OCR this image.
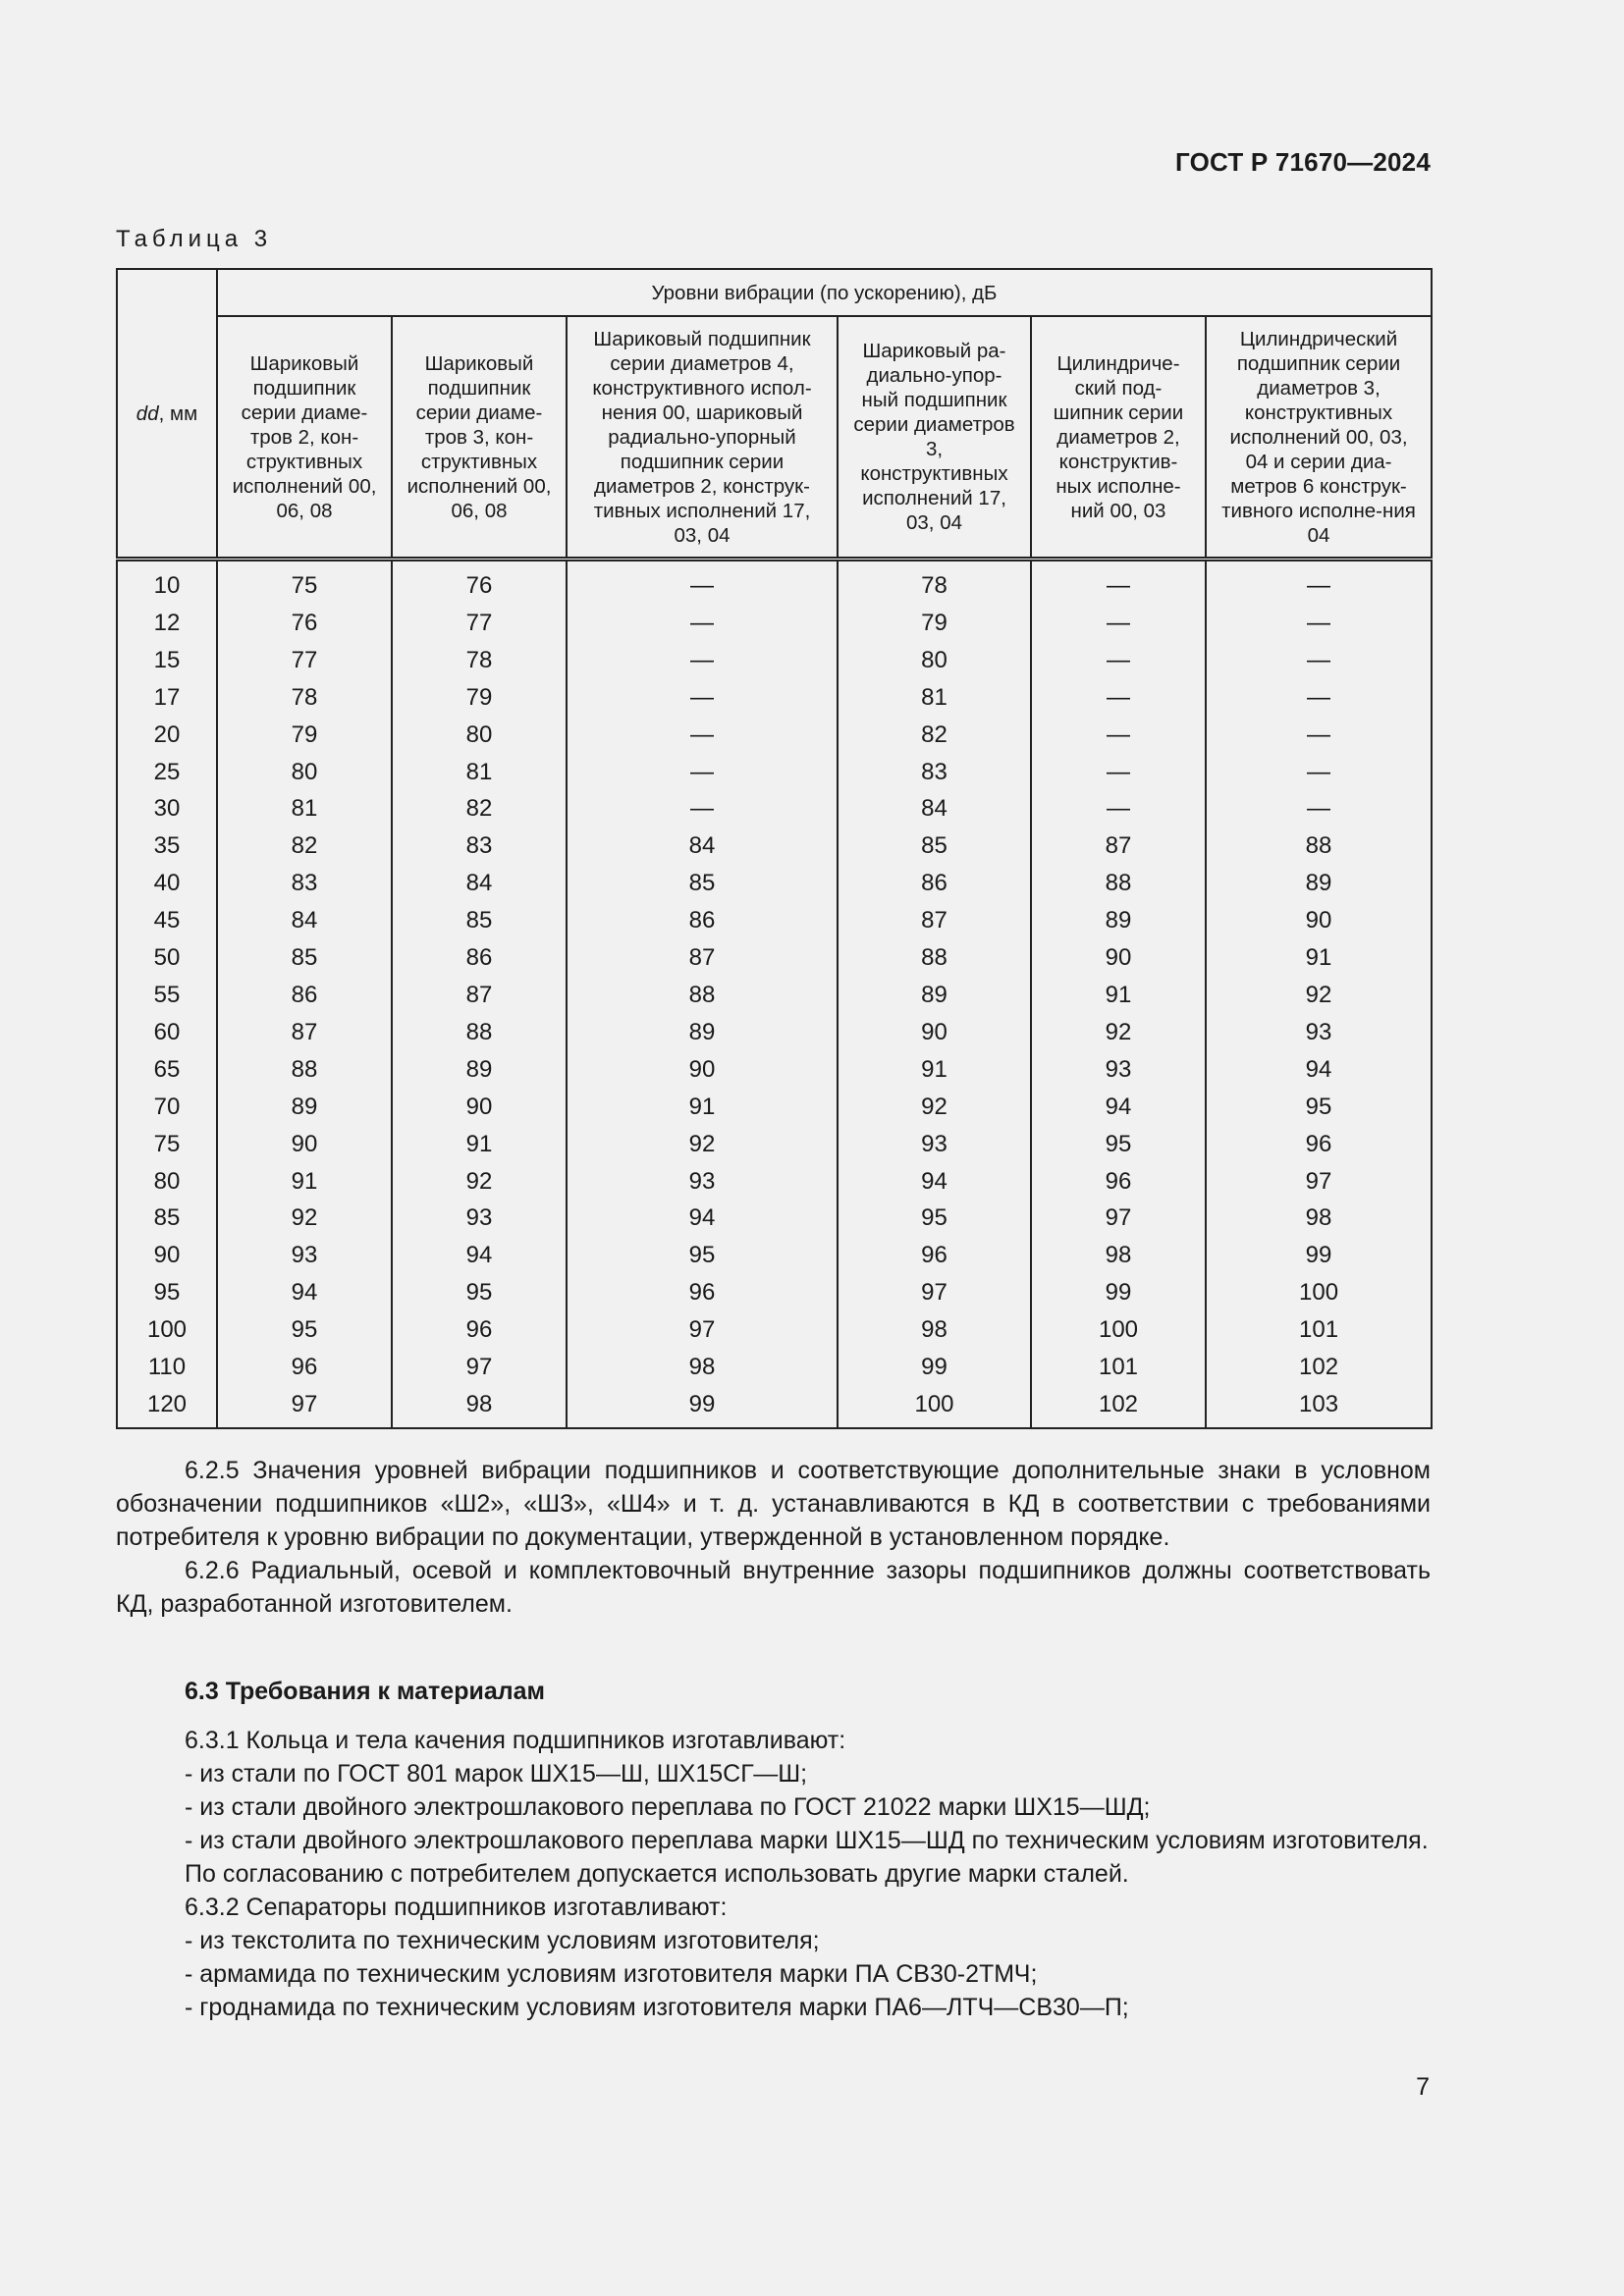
ГОСТ Р 71670—2024
Таблица 3
dd, мм	Уровни вибрации (по ускорению), дБ					
	Шариковый подшипник серии диаме-тров 2, кон-структивных исполнений 00, 06, 08	Шариковый подшипник серии диаме-тров 3, кон-структивных исполнений 00, 06, 08	Шариковый подшипник серии диаметров 4, конструктивного испол-нения 00, шариковый радиально-упорный подшипник серии диаметров 2, конструк-тивных исполнений 17, 03, 04	Шариковый ра-диально-упор-ный подшипник серии диаметров 3, конструктивных исполнений 17, 03, 04	Цилиндриче-ский под-шипник серии диаметров 2, конструктив-ных исполне-ний 00, 03	Цилиндрический подшипник серии диаметров 3, конструктивных исполнений 00, 03, 04 и серии диа-метров 6 конструк-тивного исполне-ния 04
10	75	76	—	78	—	—
12	76	77	—	79	—	—
15	77	78	—	80	—	—
17	78	79	—	81	—	—
20	79	80	—	82	—	—
25	80	81	—	83	—	—
30	81	82	—	84	—	—
35	82	83	84	85	87	88
40	83	84	85	86	88	89
45	84	85	86	87	89	90
50	85	86	87	88	90	91
55	86	87	88	89	91	92
60	87	88	89	90	92	93
65	88	89	90	91	93	94
70	89	90	91	92	94	95
75	90	91	92	93	95	96
80	91	92	93	94	96	97
85	92	93	94	95	97	98
90	93	94	95	96	98	99
95	94	95	96	97	99	100
100	95	96	97	98	100	101
110	96	97	98	99	101	102
120	97	98	99	100	102	103

6.2.5 Значения уровней вибрации подшипников и соответствующие дополнительные знаки в условном обозначении подшипников «Ш2», «Ш3», «Ш4» и т. д. устанавливаются в КД в соответствии с требованиями потребителя к уровню вибрации по документации, утвержденной в установленном порядке.

6.2.6 Радиальный, осевой и комплектовочный внутренние зазоры подшипников должны соответствовать КД, разработанной изготовителем.

6.3 Требования к материалам

6.3.1 Кольца и тела качения подшипников изготавливают:

- из стали по ГОСТ 801 марок ШХ15—Ш, ШХ15СГ—Ш;

- из стали двойного электрошлакового переплава по ГОСТ 21022 марки ШХ15—ШД;

- из стали двойного электрошлакового переплава марки ШХ15—ШД по техническим условиям изготовителя.

По согласованию с потребителем допускается использовать другие марки сталей.

6.3.2 Сепараторы подшипников изготавливают:

- из текстолита по техническим условиям изготовителя;

- армамида по техническим условиям изготовителя марки ПА СВ30-2ТМЧ;

- гроднамида по техническим условиям изготовителя марки ПА6—ЛТЧ—СВ30—П;

7
